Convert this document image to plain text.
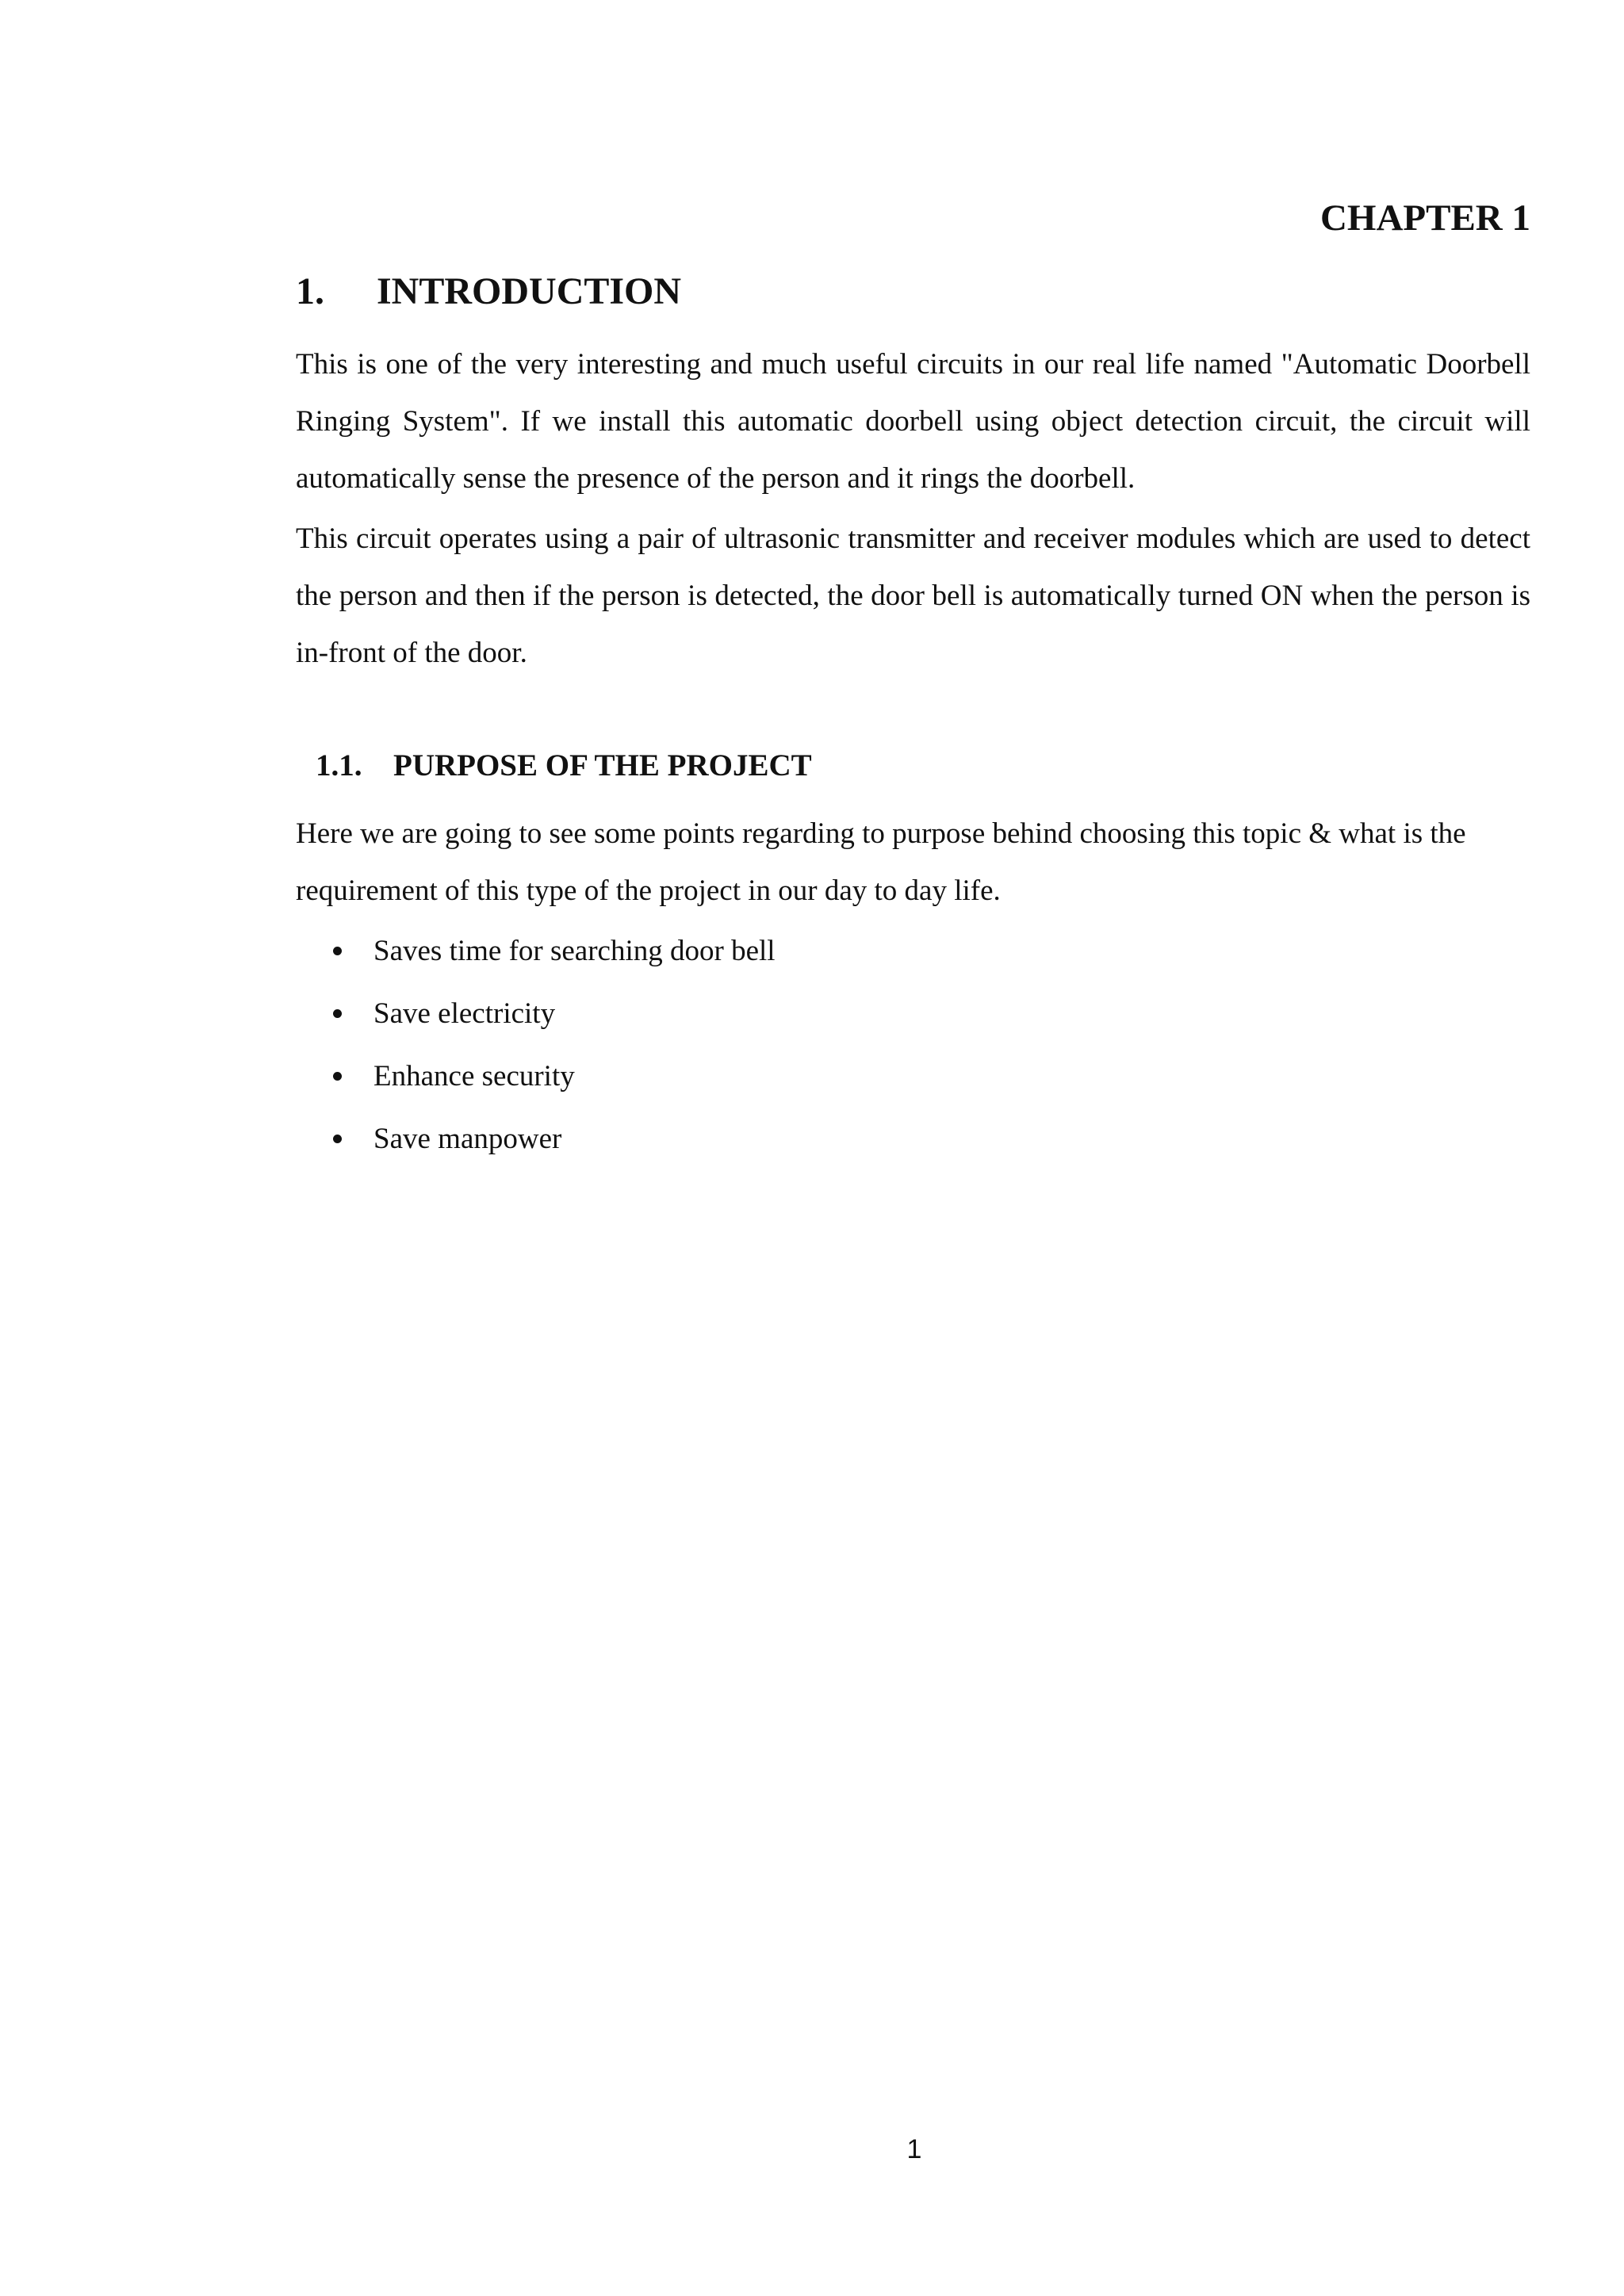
CHAPTER 1
1. INTRODUCTION

This is one of the very interesting and much useful circuits in our real life named "Automatic Doorbell Ringing System". If we install this automatic doorbell using object detection circuit, the circuit will automatically sense the presence of the person and it rings the doorbell.

This circuit operates using a pair of ultrasonic transmitter and receiver modules which are used to detect the person and then if the person is detected, the door bell is automatically turned ON when the person is in-front of the door.

1.1. PURPOSE OF THE PROJECT

Here we are going to see some points regarding to purpose behind choosing this topic & what is the requirement of this type of the project in our day to day life.

Saves time for searching door bell
Save electricity
Enhance security
Save manpower
1
